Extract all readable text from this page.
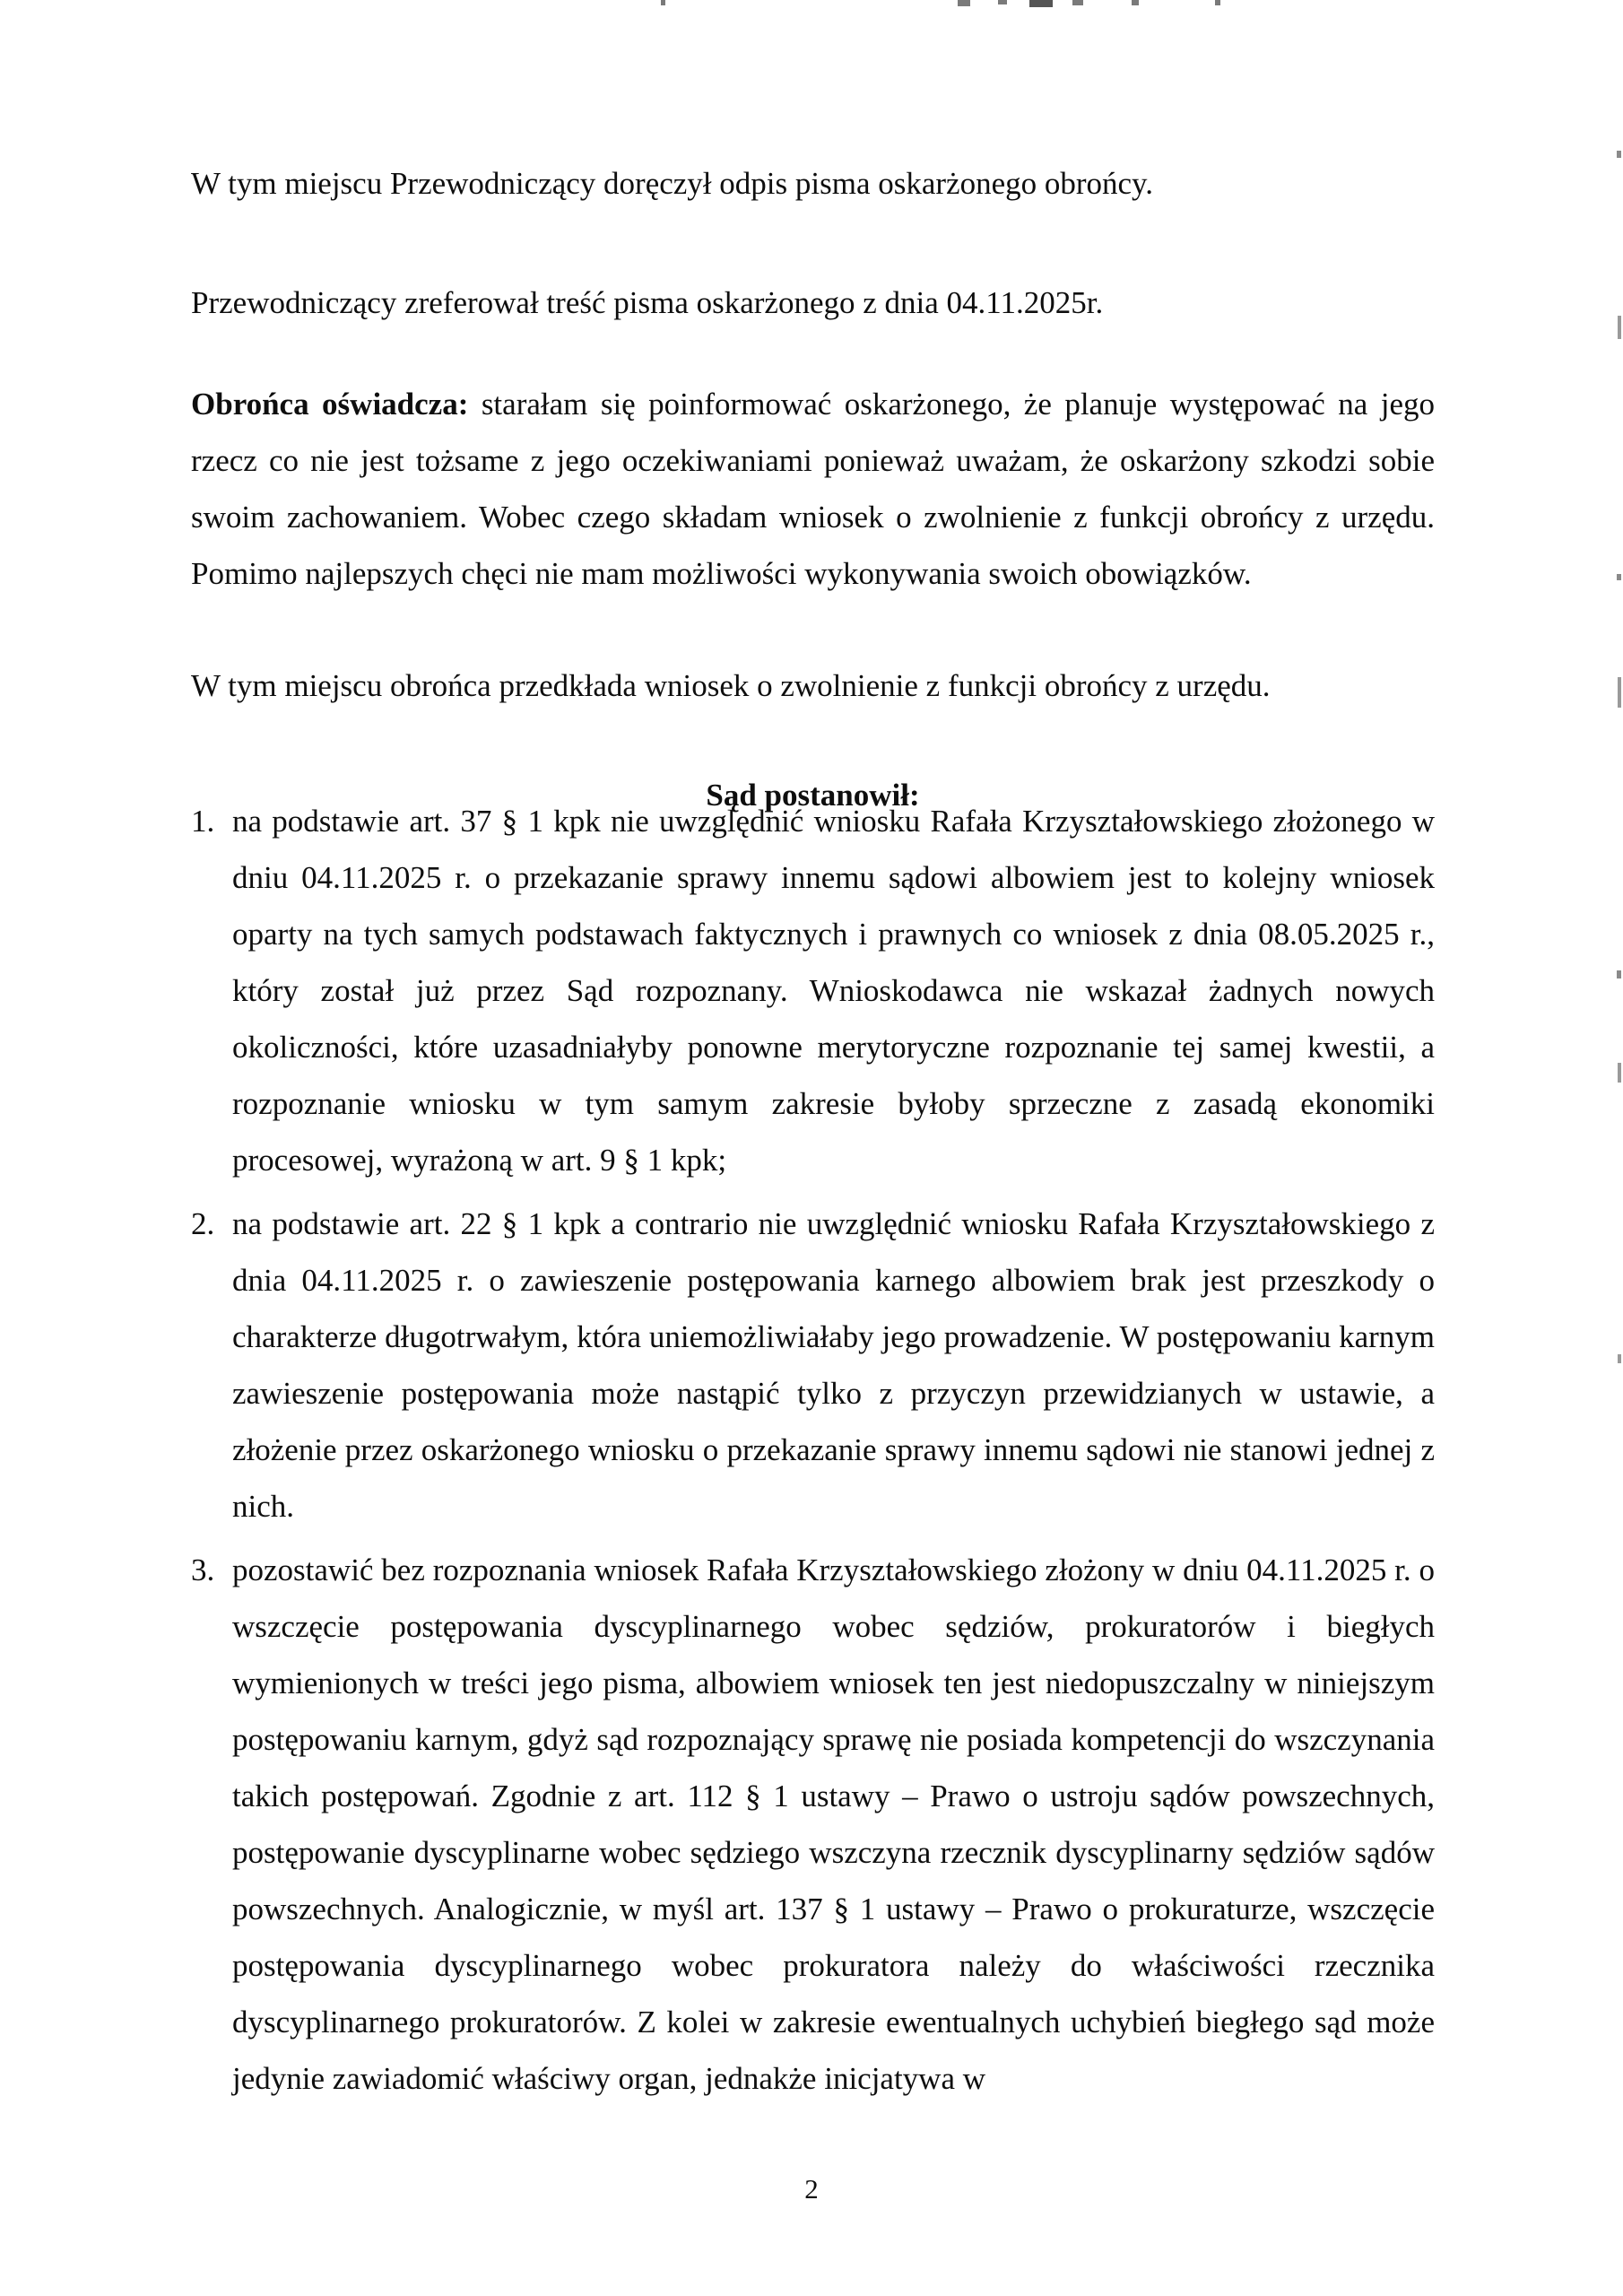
W tym miejscu Przewodniczący doręczył odpis pisma oskarżonego obrońcy.

Przewodniczący zreferował treść pisma oskarżonego z dnia 04.11.2025r.

Obrońca oświadcza: starałam się poinformować oskarżonego, że planuje występować na jego rzecz co nie jest tożsame z jego oczekiwaniami ponieważ uważam, że oskarżony szkodzi sobie swoim zachowaniem. Wobec czego składam wniosek o zwolnienie z funkcji obrońcy z urzędu. Pomimo najlepszych chęci nie mam możliwości wykonywania swoich obowiązków.

W tym miejscu obrońca przedkłada wniosek o zwolnienie z funkcji obrońcy z urzędu.

Sąd postanowił:

1. na podstawie art. 37 § 1 kpk nie uwzględnić wniosku Rafała Krzyształowskiego złożonego w dniu 04.11.2025 r. o przekazanie sprawy innemu sądowi albowiem jest to kolejny wniosek oparty na tych samych podstawach faktycznych i prawnych co wniosek z dnia 08.05.2025 r., który został już przez Sąd rozpoznany. Wnioskodawca nie wskazał żadnych nowych okoliczności, które uzasadniałyby ponowne merytoryczne rozpoznanie tej samej kwestii, a rozpoznanie wniosku w tym samym zakresie byłoby sprzeczne z zasadą ekonomiki procesowej, wyrażoną w art. 9 § 1 kpk;

2. na podstawie art. 22 § 1 kpk a contrario nie uwzględnić wniosku Rafała Krzyształowskiego z dnia 04.11.2025 r. o zawieszenie postępowania karnego albowiem brak jest przeszkody o charakterze długotrwałym, która uniemożliwiałaby jego prowadzenie. W postępowaniu karnym zawieszenie postępowania może nastąpić tylko z przyczyn przewidzianych w ustawie, a złożenie przez oskarżonego wniosku o przekazanie sprawy innemu sądowi nie stanowi jednej z nich.

3. pozostawić bez rozpoznania wniosek Rafała Krzyształowskiego złożony w dniu 04.11.2025 r. o wszczęcie postępowania dyscyplinarnego wobec sędziów, prokuratorów i biegłych wymienionych w treści jego pisma, albowiem wniosek ten jest niedopuszczalny w niniejszym postępowaniu karnym, gdyż sąd rozpoznający sprawę nie posiada kompetencji do wszczynania takich postępowań. Zgodnie z art. 112 § 1 ustawy – Prawo o ustroju sądów powszechnych, postępowanie dyscyplinarne wobec sędziego wszczyna rzecznik dyscyplinarny sędziów sądów powszechnych. Analogicznie, w myśl art. 137 § 1 ustawy – Prawo o prokuraturze, wszczęcie postępowania dyscyplinarnego wobec prokuratora należy do właściwości rzecznika dyscyplinarnego prokuratorów. Z kolei w zakresie ewentualnych uchybień biegłego sąd może jedynie zawiadomić właściwy organ, jednakże inicjatywa w

2
